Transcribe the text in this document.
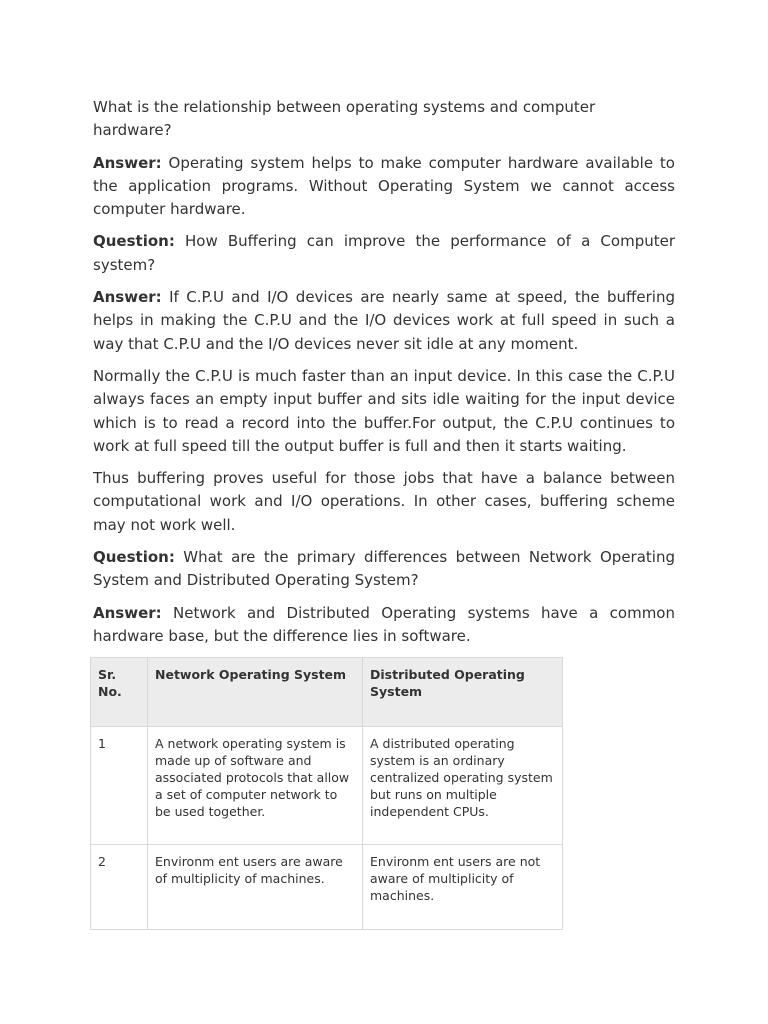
What is the relationship between operating systems and computer hardware?

Answer: Operating system helps to make computer hardware available to the application programs. Without Operating System we cannot access computer hardware.

Question: How Buffering can improve the performance of a Computer system?

Answer: If C.P.U and I/O devices are nearly same at speed, the buffering helps in making the C.P.U and the I/O devices work at full speed in such a way that C.P.U and the I/O devices never sit idle at any moment.

Normally the C.P.U is much faster than an input device. In this case the C.P.U always faces an empty input buffer and sits idle waiting for the input device which is to read a record into the buffer.For output, the C.P.U continues to work at full speed till the output buffer is full and then it starts waiting.

Thus buffering proves useful for those jobs that have a balance between computational work and I/O operations. In other cases, buffering scheme may not work well.

Question: What are the primary differences between Network Operating System and Distributed Operating System?

Answer: Network and Distributed Operating systems have a common hardware base, but the difference lies in software.

Sr. No.	Network Operating System	Distributed Operating System
1	A network operating system is made up of software and associated protocols that allow a set of computer network to be used together.	A distributed operating system is an ordinary centralized operating system but runs on multiple independent CPUs.
2	Environm ent users are aware of multiplicity of machines.	Environm ent users are not aware of multiplicity of machines.
